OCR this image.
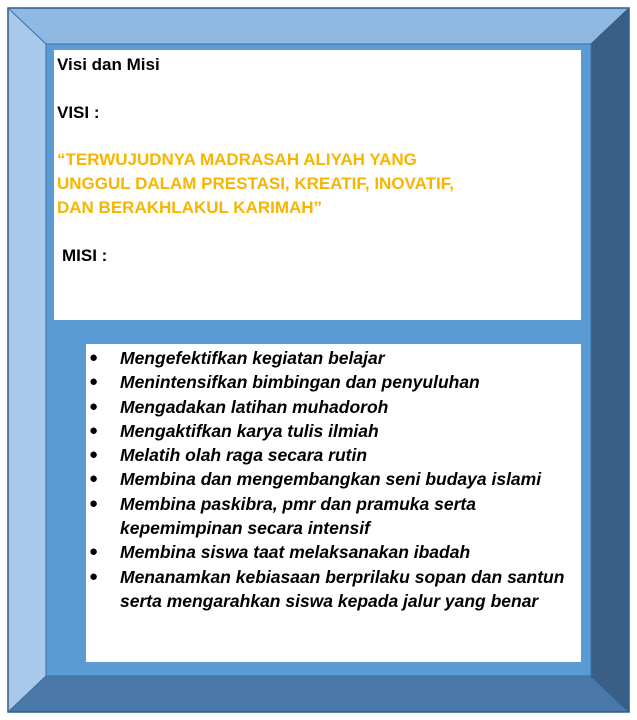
Visi dan Misi
VISI :
“TERWUJUDNYA MADRASAH ALIYAH YANG
UNGGUL DALAM PRESTASI, KREATIF, INOVATIF,
DAN BERAKHLAKUL KARIMAH”
MISI :
● Mengefektifkan kegiatan belajar
● Menintensifkan bimbingan dan penyuluhan
● Mengadakan latihan muhadoroh
● Mengaktifkan karya tulis ilmiah
● Melatih olah raga secara rutin
● Membina dan mengembangkan seni budaya islami
● Membina paskibra, pmr dan pramuka serta kepemimpinan secara intensif
● Membina siswa taat melaksanakan ibadah
● Menanamkan kebiasaan berprilaku sopan dan santun serta mengarahkan siswa kepada jalur yang benar
